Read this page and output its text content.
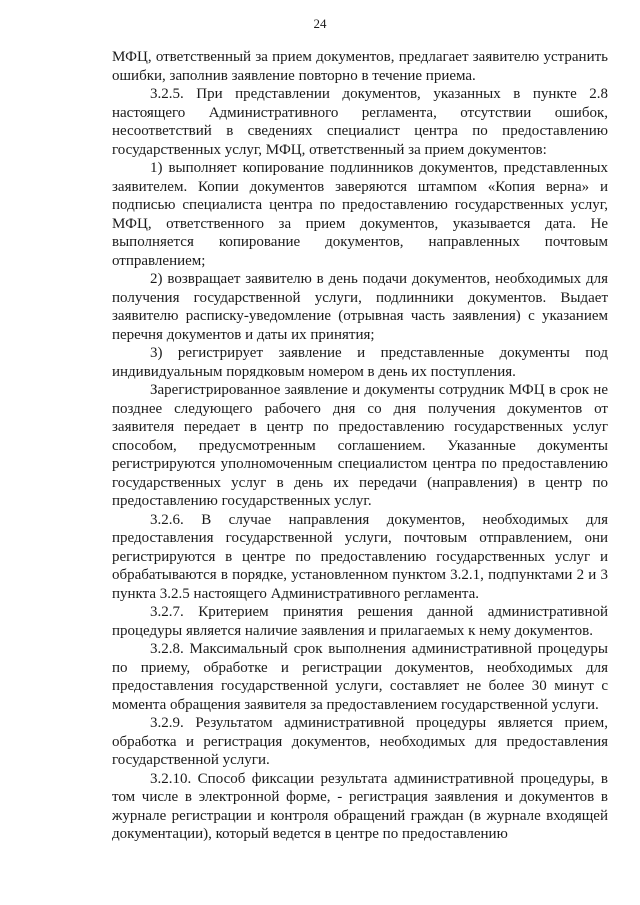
24

МФЦ, ответственный за прием документов, предлагает заявителю устранить ошибки, заполнив заявление повторно в течение приема.

3.2.5. При представлении документов, указанных в пункте 2.8 настоящего Административного регламента, отсутствии ошибок, несоответствий в сведениях специалист центра по предоставлению государственных услуг, МФЦ, ответственный за прием документов:

1) выполняет копирование подлинников документов, представленных заявителем. Копии документов заверяются штампом «Копия верна» и подписью специалиста центра по предоставлению государственных услуг, МФЦ, ответственного за прием документов, указывается дата. Не выполняется копирование документов, направленных почтовым отправлением;

2) возвращает заявителю в день подачи документов, необходимых для получения государственной услуги, подлинники документов. Выдает заявителю расписку-уведомление (отрывная часть заявления) с указанием перечня документов и даты их принятия;

3) регистрирует заявление и представленные документы под индивидуальным порядковым номером в день их поступления.

Зарегистрированное заявление и документы сотрудник МФЦ в срок не позднее следующего рабочего дня со дня получения документов от заявителя передает в центр по предоставлению государственных услуг способом, предусмотренным соглашением. Указанные документы регистрируются уполномоченным специалистом центра по предоставлению государственных услуг в день их передачи (направления) в центр по предоставлению государственных услуг.

3.2.6. В случае направления документов, необходимых для предоставления государственной услуги, почтовым отправлением, они регистрируются в центре по предоставлению государственных услуг и обрабатываются в порядке, установленном пунктом 3.2.1, подпунктами 2 и 3 пункта 3.2.5 настоящего Административного регламента.

3.2.7. Критерием принятия решения данной административной процедуры является наличие заявления и прилагаемых к нему документов.

3.2.8. Максимальный срок выполнения административной процедуры по приему, обработке и регистрации документов, необходимых для предоставления государственной услуги, составляет не более 30 минут с момента обращения заявителя за предоставлением государственной услуги.

3.2.9. Результатом административной процедуры является прием, обработка и регистрация документов, необходимых для предоставления государственной услуги.

3.2.10. Способ фиксации результата административной процедуры, в том числе в электронной форме, - регистрация заявления и документов в журнале регистрации и контроля обращений граждан (в журнале входящей документации), который ведется в центре по предоставлению
